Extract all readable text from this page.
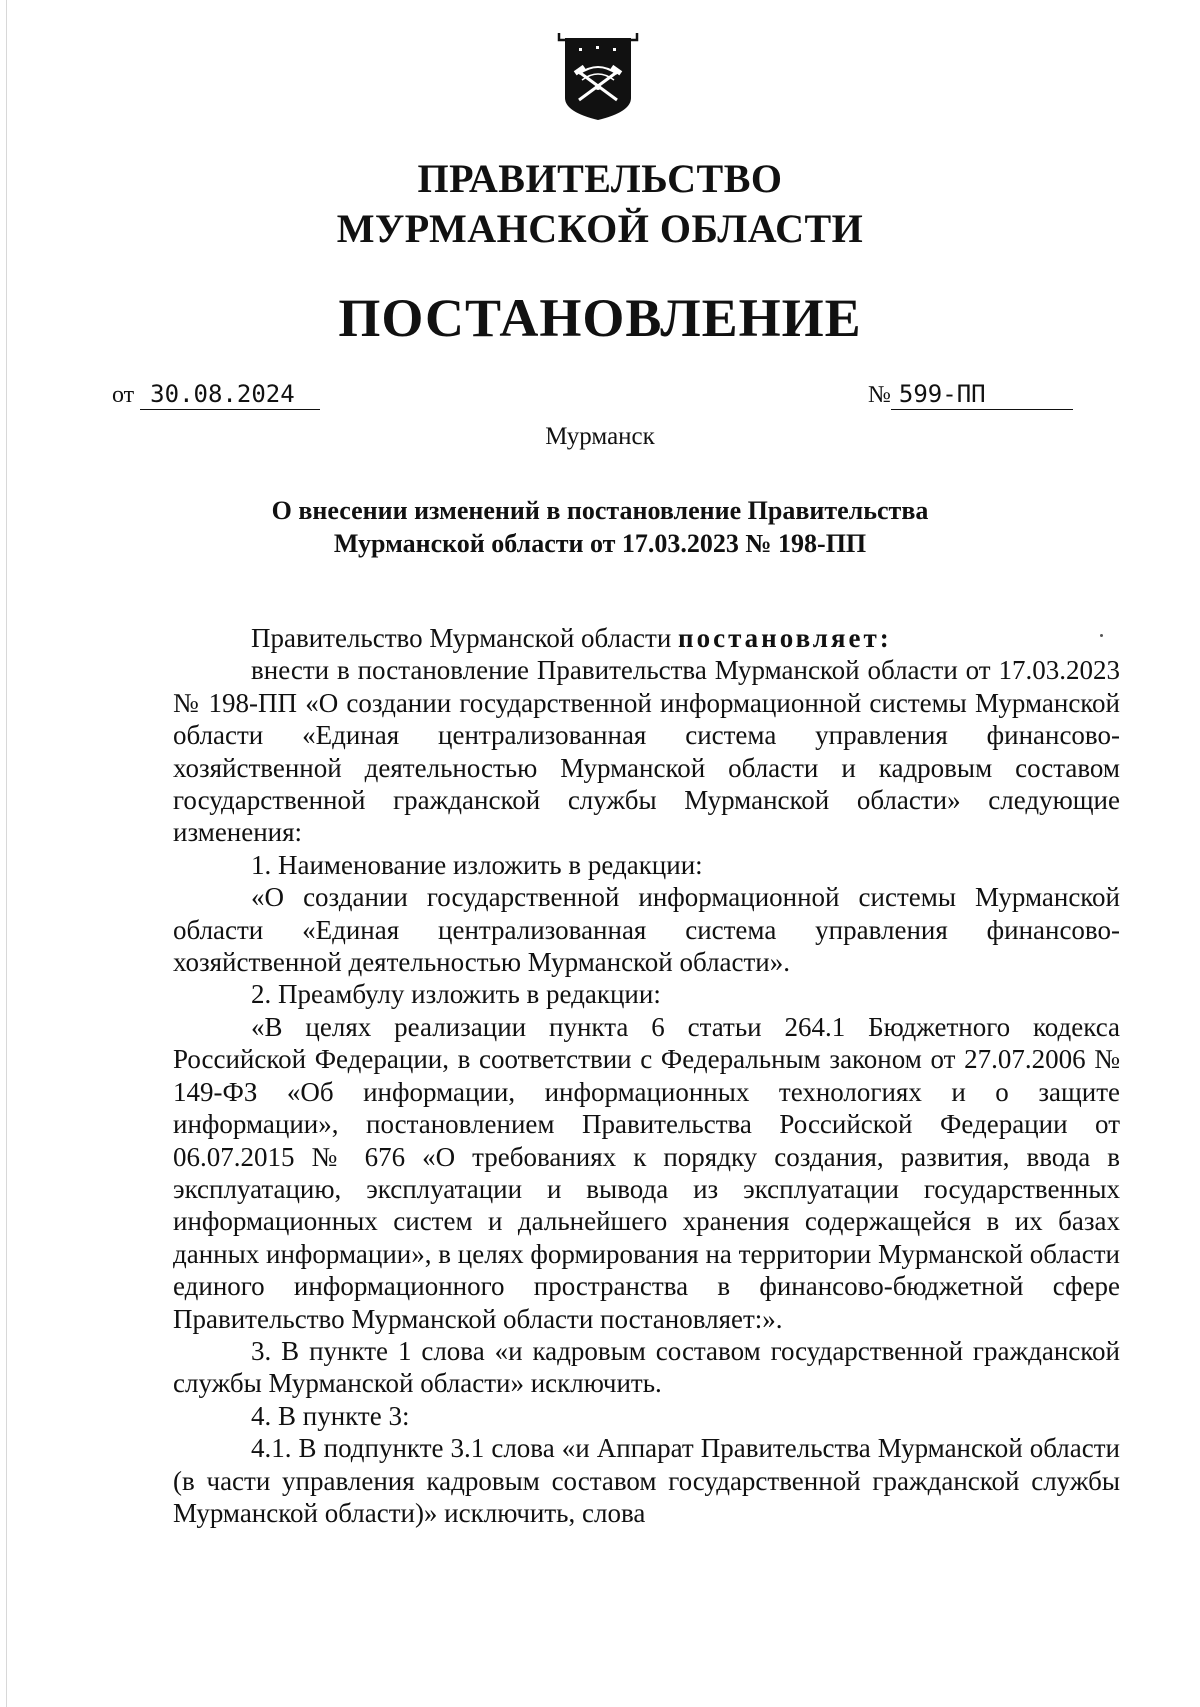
ПРАВИТЕЛЬСТВО
МУРМАНСКОЙ ОБЛАСТИ
ПОСТАНОВЛЕНИЕ
от 30.08.2024	№ 599-ПП
Мурманск
О внесении изменений в постановление Правительства
Мурманской области от 17.03.2023 № 198-ПП

Правительство Мурманской области постановляет:

внести в постановление Правительства Мурманской области от 17.03.2023 № 198-ПП «О создании государственной информационной системы Мурманской области «Единая централизованная система управления финансово-хозяйственной деятельностью Мурманской области и кадровым составом государственной гражданской службы Мурманской области» следующие изменения:

1. Наименование изложить в редакции:

«О создании государственной информационной системы Мурманской области «Единая централизованная система управления финансово-хозяйственной деятельностью Мурманской области».

2. Преамбулу изложить в редакции:

«В целях реализации пункта 6 статьи 264.1 Бюджетного кодекса Российской Федерации, в соответствии с Федеральным законом от 27.07.2006 № 149-ФЗ «Об информации, информационных технологиях и о защите информации», постановлением Правительства Российской Федерации от 06.07.2015 № 676 «О требованиях к порядку создания, развития, ввода в эксплуатацию, эксплуатации и вывода из эксплуатации государственных информационных систем и дальнейшего хранения содержащейся в их базах данных информации», в целях формирования на территории Мурманской области единого информационного пространства в финансово-бюджетной сфере Правительство Мурманской области постановляет:».

3. В пункте 1 слова «и кадровым составом государственной гражданской службы Мурманской области» исключить.

4. В пункте 3:

4.1. В подпункте 3.1 слова «и Аппарат Правительства Мурманской области (в части управления кадровым составом государственной гражданской службы Мурманской области)» исключить, слова
